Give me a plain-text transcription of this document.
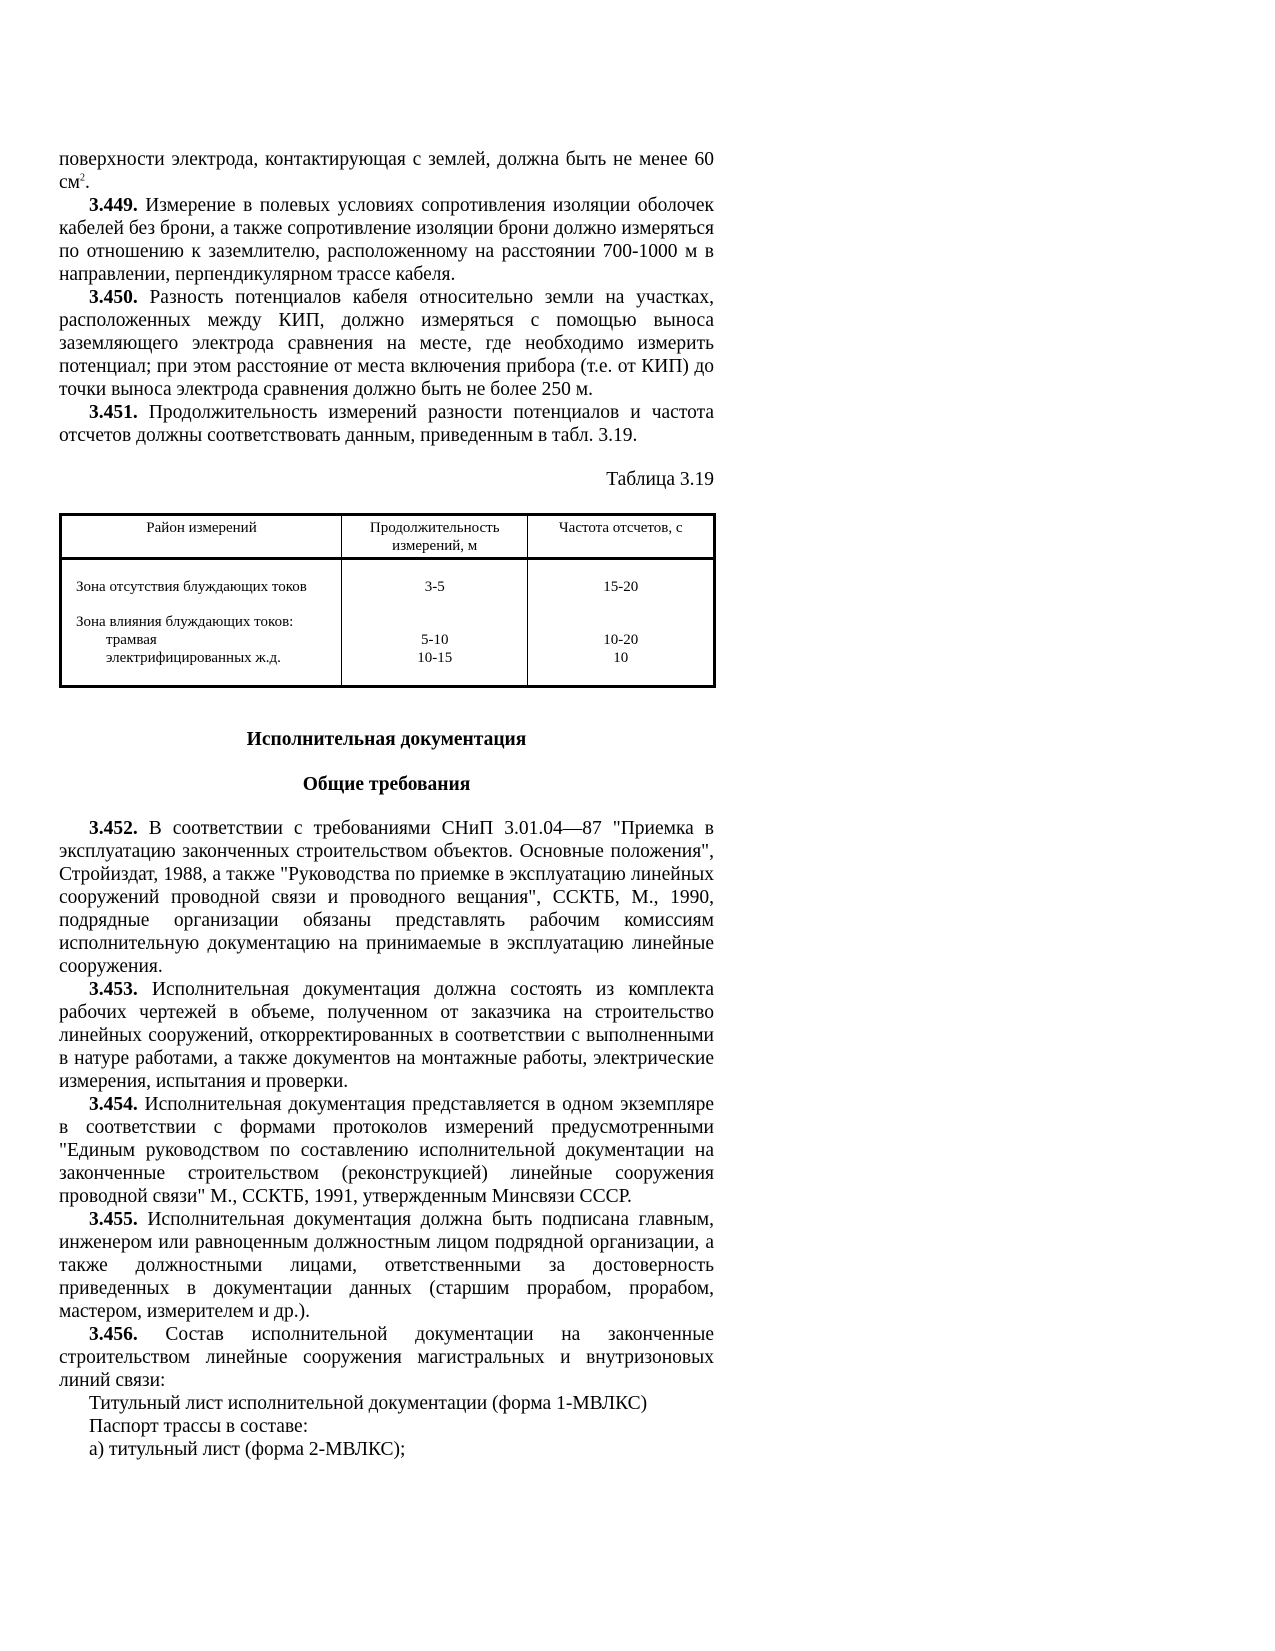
поверхности электрода, контактирующая с землей, должна быть не менее 60 $см^2$.

3.449. Измерение в полевых условиях сопротивления изоляции оболочек кабелей без брони, а также сопротивление изоляции брони должно измеряться по отношению к заземлителю, расположенному на расстоянии 700-1000 м в направлении, перпендикулярном трассе кабеля.

3.450. Разность потенциалов кабеля относительно земли на участках, расположенных между КИП, должно измеряться с помощью выноса заземляющего электрода сравнения на месте, где необходимо измерить потенциал; при этом расстояние от места включения прибора (т.е. от КИП) до точки выноса электрода сравнения должно быть не более 250 м.

3.451. Продолжительность измерений разности потенциалов и частота отсчетов должны соответствовать данным, приведенным в табл. 3.19.

Таблица 3.19

Район измерений	Продолжительность измерений, м	Частота отсчетов, с
Зона отсутствия блуждающих токов	3-5	15-20
Зона влияния блуждающих токов:		

трамвая	5-10	10-20

электрифицированных ж.д.	10-15	10

Исполнительная документация

Общие требования

3.452. В соответствии с требованиями СНиП 3.01.04—87 "Приемка в эксплуатацию законченных строительством объектов. Основные положения", Стройиздат, 1988, а также "Руководства по приемке в эксплуатацию линейных сооружений проводной связи и проводного вещания", ССКТБ, М., 1990, подрядные организации обязаны представлять рабочим комиссиям исполнительную документацию на принимаемые в эксплуатацию линейные сооружения.

3.453. Исполнительная документация должна состоять из комплекта рабочих чертежей в объеме, полученном от заказчика на строительство линейных сооружений, откорректированных в соответствии с выполненными в натуре работами, а также документов на монтажные работы, электрические измерения, испытания и проверки.

3.454. Исполнительная документация представляется в одном экземпляре в соответствии с формами протоколов измерений предусмотренными "Единым руководством по составлению исполнительной документации на законченные строительством (реконструкцией) линейные сооружения проводной связи" М., ССКТБ, 1991, утвержденным Минсвязи СССР.

3.455. Исполнительная документация должна быть подписана главным, инженером или равноценным должностным лицом подрядной организации, а также должностными лицами, ответственными за достоверность приведенных в документации данных (старшим прорабом, прорабом, мастером, измерителем и др.).

3.456. Состав исполнительной документации на законченные строительством линейные сооружения магистральных и внутризоновых линий связи:

Титульный лист исполнительной документации (форма 1-МВЛКС)

Паспорт трассы в составе:

а) титульный лист (форма 2-МВЛКС);
